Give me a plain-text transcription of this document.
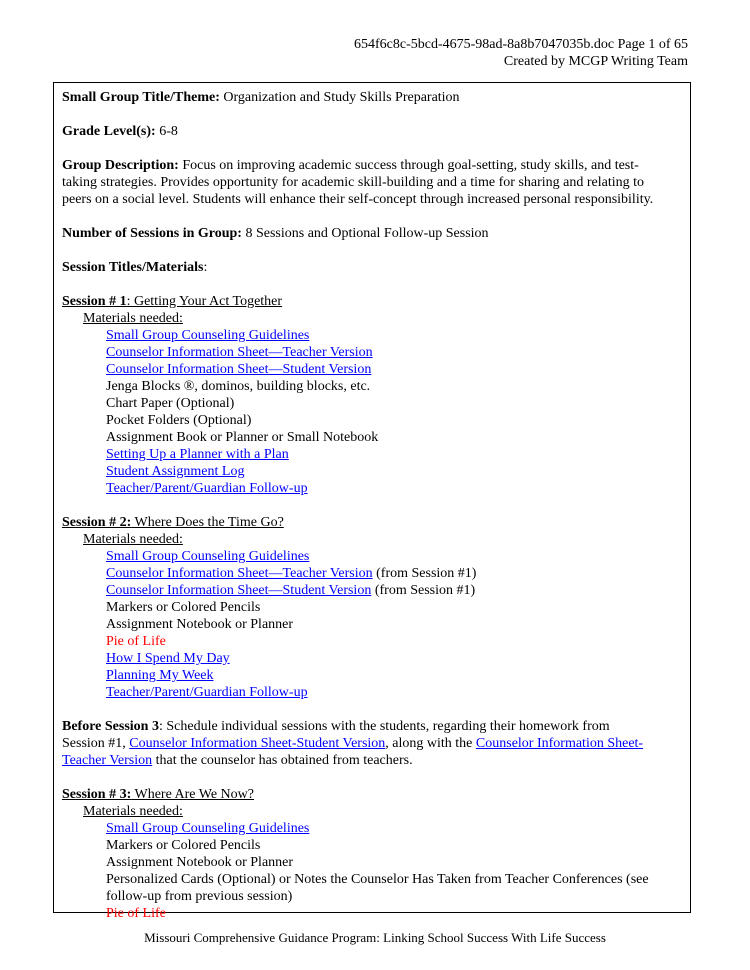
654f6c8c-5bcd-4675-98ad-8a8b7047035b.doc Page 1 of 65
Created by MCGP Writing Team

Small Group Title/Theme: Organization and Study Skills Preparation

Grade Level(s): 6-8

Group Description: Focus on improving academic success through goal-setting, study skills, and test-

taking strategies. Provides opportunity for academic skill-building and a time for sharing and relating to

peers on a social level. Students will enhance their self-concept through increased personal responsibility.

Number of Sessions in Group: 8 Sessions and Optional Follow-up Session

Session Titles/Materials:

Session # 1: Getting Your Act Together

Materials needed:

Small Group Counseling Guidelines

Counselor Information Sheet—Teacher Version

Counselor Information Sheet—Student Version

Jenga Blocks ®, dominos, building blocks, etc.

Chart Paper (Optional)

Pocket Folders (Optional)

Assignment Book or Planner or Small Notebook

Setting Up a Planner with a Plan

Student Assignment Log

Teacher/Parent/Guardian Follow-up

Session # 2: Where Does the Time Go?

Materials needed:

Small Group Counseling Guidelines

Counselor Information Sheet—Teacher Version (from Session #1)

Counselor Information Sheet—Student Version (from Session #1)

Markers or Colored Pencils

Assignment Notebook or Planner

Pie of Life

How I Spend My Day

Planning My Week

Teacher/Parent/Guardian Follow-up

Before Session 3: Schedule individual sessions with the students, regarding their homework from

Session #1, Counselor Information Sheet-Student Version, along with the Counselor Information Sheet-

Teacher Version that the counselor has obtained from teachers.

Session # 3: Where Are We Now?

Materials needed:

Small Group Counseling Guidelines

Markers or Colored Pencils

Assignment Notebook or Planner

Personalized Cards (Optional) or Notes the Counselor Has Taken from Teacher Conferences (see

follow-up from previous session)

Pie of Life

Missouri Comprehensive Guidance Program: Linking School Success With Life Success
